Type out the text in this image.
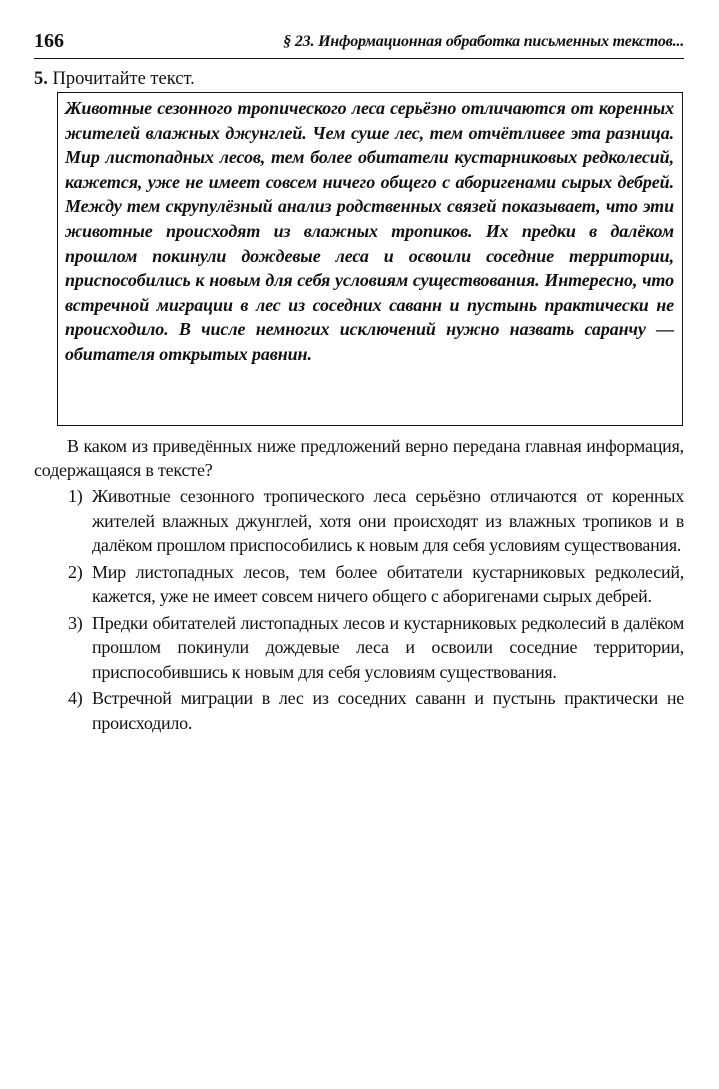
166	§ 23. Информационная обработка письменных текстов...
5. Прочитайте текст.
Животные сезонного тропического леса серьёзно отличаются от коренных жителей влажных джунглей. Чем суше лес, тем отчётливее эта разница. Мир листопадных лесов, тем более обитатели кустарниковых редколесий, кажется, уже не имеет совсем ничего общего с аборигенами сырых дебрей. Между тем скрупулёзный анализ родственных связей показывает, что эти животные происходят из влажных тропиков. Их предки в далёком прошлом покинули дождевые леса и освоили соседние территории, приспособились к новым для себя условиям существования. Интересно, что встречной миграции в лес из соседних саванн и пустынь практически не происходило. В числе немногих исключений нужно назвать саранчу — обитателя открытых равнин.
В каком из приведённых ниже предложений верно передана главная информация, содержащаяся в тексте?
1) Животные сезонного тропического леса серьёзно отличаются от коренных жителей влажных джунглей, хотя они происходят из влажных тропиков и в далёком прошлом приспособились к новым для себя условиям существования.
2) Мир листопадных лесов, тем более обитатели кустарниковых редколесий, кажется, уже не имеет совсем ничего общего с аборигенами сырых дебрей.
3) Предки обитателей листопадных лесов и кустарниковых редколесий в далёком прошлом покинули дождевые леса и освоили соседние территории, приспособившись к новым для себя условиям существования.
4) Встречной миграции в лес из соседних саванн и пустынь практически не происходило.
